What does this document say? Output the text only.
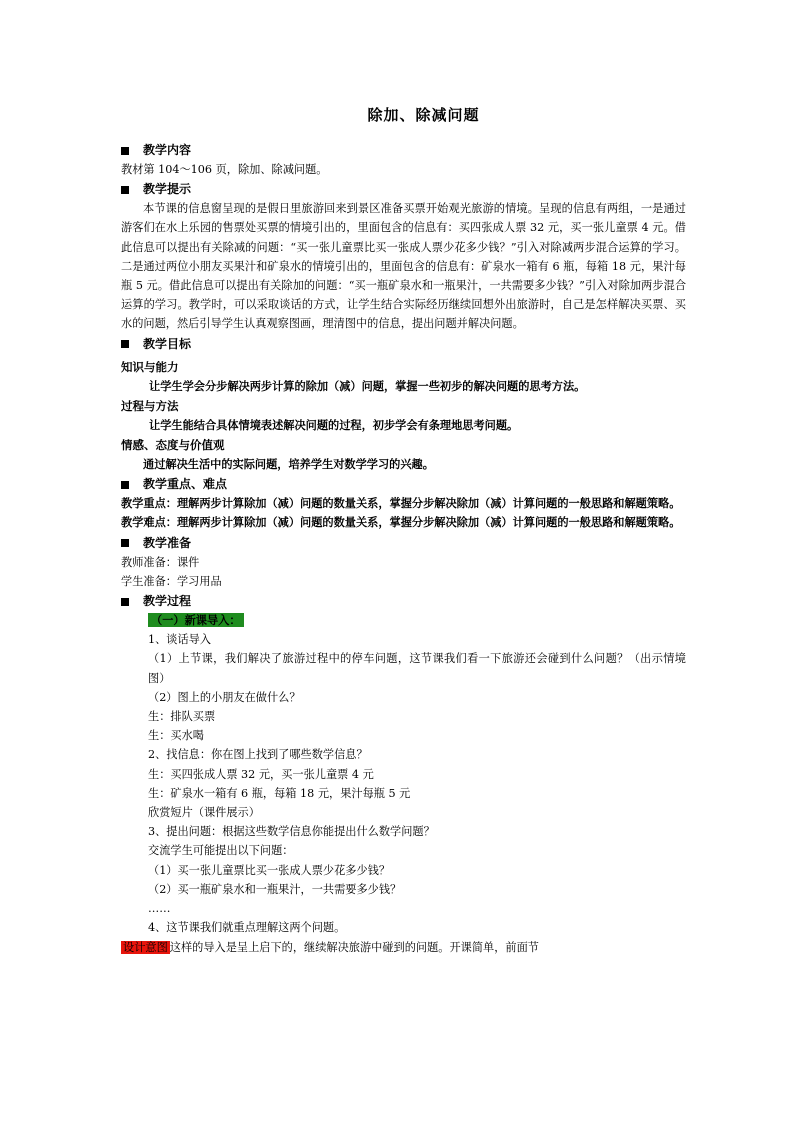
除加、除减问题
教学内容

教材第 104～106 页，除加、除减问题。

教学提示

本节课的信息窗呈现的是假日里旅游回来到景区准备买票开始观光旅游的情境。呈现的信息有两组，一是通过游客们在水上乐园的售票处买票的情境引出的，里面包含的信息有：买四张成人票 32 元，买一张儿童票 4 元。借此信息可以提出有关除减的问题：“买一张儿童票比买一张成人票少花多少钱？”引入对除减两步混合运算的学习。二是通过两位小朋友买果汁和矿泉水的情境引出的，里面包含的信息有：矿泉水一箱有 6 瓶，每箱 18 元，果汁每瓶 5 元。借此信息可以提出有关除加的问题：“买一瓶矿泉水和一瓶果汁，一共需要多少钱？”引入对除加两步混合运算的学习。教学时，可以采取谈话的方式，让学生结合实际经历继续回想外出旅游时，自己是怎样解决买票、买水的问题，然后引导学生认真观察图画，理清图中的信息，提出问题并解决问题。

教学目标
知识与能力

让学生学会分步解决两步计算的除加（减）问题，掌握一些初步的解决问题的思考方法。

过程与方法

让学生能结合具体情境表述解决问题的过程，初步学会有条理地思考问题。

情感、态度与价值观

通过解决生活中的实际问题，培养学生对数学学习的兴趣。

教学重点、难点

教学重点：理解两步计算除加（减）问题的数量关系，掌握分步解决除加（减）计算问题的一般思路和解题策略。

教学难点：理解两步计算除加（减）问题的数量关系，掌握分步解决除加（减）计算问题的一般思路和解题策略。

教学准备

教师准备：课件

学生准备：学习用品

教学过程

（一）新课导入：

1、谈话导入

（1）上节课，我们解决了旅游过程中的停车问题，这节课我们看一下旅游还会碰到什么问题？（出示情境图）

（2）图上的小朋友在做什么？

生：排队买票

生：买水喝

2、找信息：你在图上找到了哪些数学信息？

生：买四张成人票 32 元，买一张儿童票 4 元

生：矿泉水一箱有 6 瓶，每箱 18 元，果汁每瓶 5 元

欣赏短片（课件展示）

3、提出问题：根据这些数学信息你能提出什么数学问题？

交流学生可能提出以下问题：

（1）买一张儿童票比买一张成人票少花多少钱？

（2）买一瓶矿泉水和一瓶果汁，一共需要多少钱？

……

4、这节课我们就重点理解这两个问题。

设计意图 这样的导入是呈上启下的，继续解决旅游中碰到的问题。开课简单，前面节
